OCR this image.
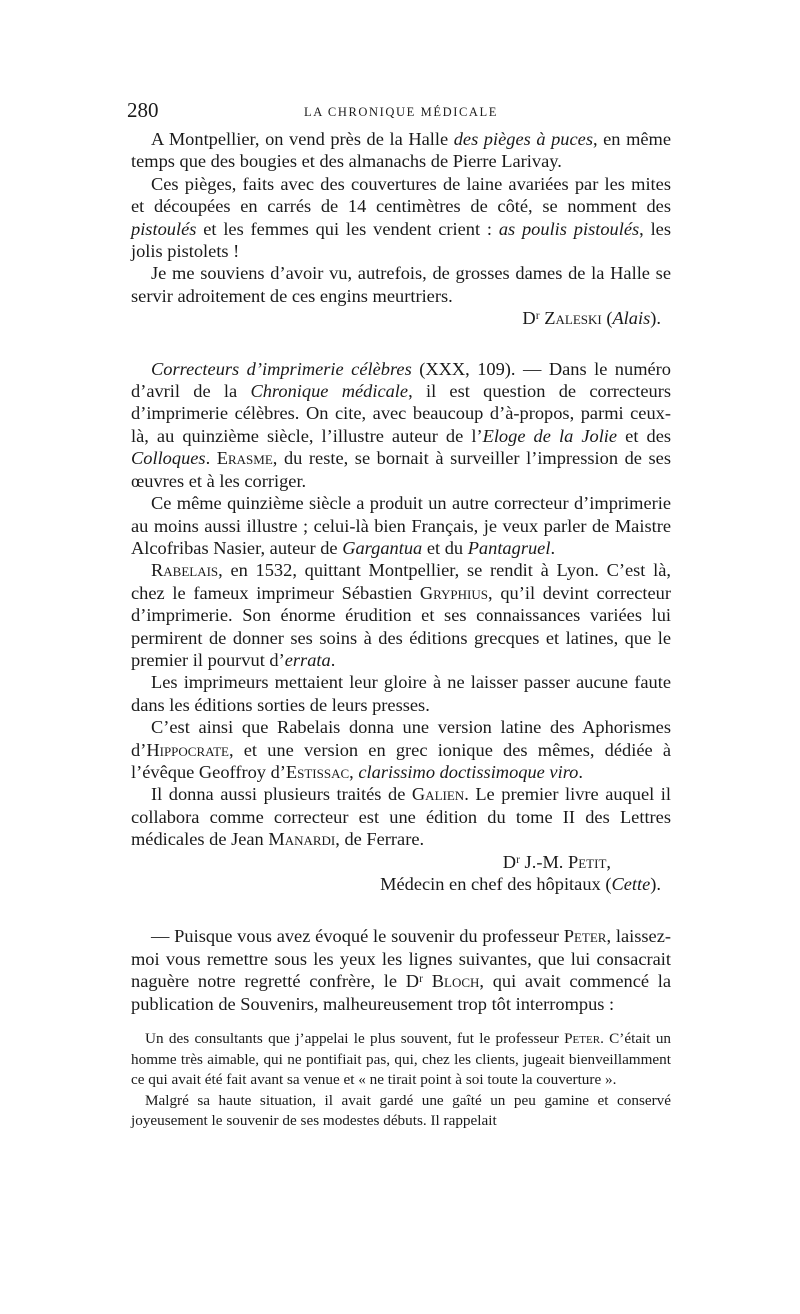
280	LA CHRONIQUE MÉDICALE

A Montpellier, on vend près de la Halle des pièges à puces, en même temps que des bougies et des almanachs de Pierre Larivay.

Ces pièges, faits avec des couvertures de laine avariées par les mites et découpées en carrés de 14 centimètres de côté, se nomment des pistoulés et les femmes qui les vendent crient : as poulis pistoulés, les jolis pistolets !

Je me souviens d’avoir vu, autrefois, de grosses dames de la Halle se servir adroitement de ces engins meurtriers.

Dʳ Zaleski (Alais).

Correcteurs d’imprimerie célèbres (XXX, 109). — Dans le numéro d’avril de la Chronique médicale, il est question de correcteurs d’imprimerie célèbres. On cite, avec beaucoup d’à-propos, parmi ceux-là, au quinzième siècle, l’illustre auteur de l’Eloge de la Jolie et des Colloques. Erasme, du reste, se bornait à surveiller l’impression de ses œuvres et à les corriger.

Ce même quinzième siècle a produit un autre correcteur d’imprimerie au moins aussi illustre ; celui-là bien Français, je veux parler de Maistre Alcofribas Nasier, auteur de Gargantua et du Pantagruel.

Rabelais, en 1532, quittant Montpellier, se rendit à Lyon. C’est là, chez le fameux imprimeur Sébastien Gryphius, qu’il devint correcteur d’imprimerie. Son énorme érudition et ses connaissances variées lui permirent de donner ses soins à des éditions grecques et latines, que le premier il pourvut d’errata.

Les imprimeurs mettaient leur gloire à ne laisser passer aucune faute dans les éditions sorties de leurs presses.

C’est ainsi que Rabelais donna une version latine des Aphorismes d’Hippocrate, et une version en grec ionique des mêmes, dédiée à l’évêque Geoffroy d’Estissac, clarissimo doctissimoque viro.

Il donna aussi plusieurs traités de Galien. Le premier livre auquel il collabora comme correcteur est une édition du tome II des Lettres médicales de Jean Manardi, de Ferrare.

Dʳ J.-M. Petit,

Médecin en chef des hôpitaux (Cette).

— Puisque vous avez évoqué le souvenir du professeur Peter, laissez-moi vous remettre sous les yeux les lignes suivantes, que lui consacrait naguère notre regretté confrère, le Dʳ Bloch, qui avait commencé la publication de Souvenirs, malheureusement trop tôt interrompus :

Un des consultants que j’appelai le plus souvent, fut le professeur Peter. C’était un homme très aimable, qui ne pontifiait pas, qui, chez les clients, jugeait bienveillamment ce qui avait été fait avant sa venue et « ne tirait point à soi toute la couverture ».

Malgré sa haute situation, il avait gardé une gaîté un peu gamine et conservé joyeusement le souvenir de ses modestes débuts. Il rappelait
